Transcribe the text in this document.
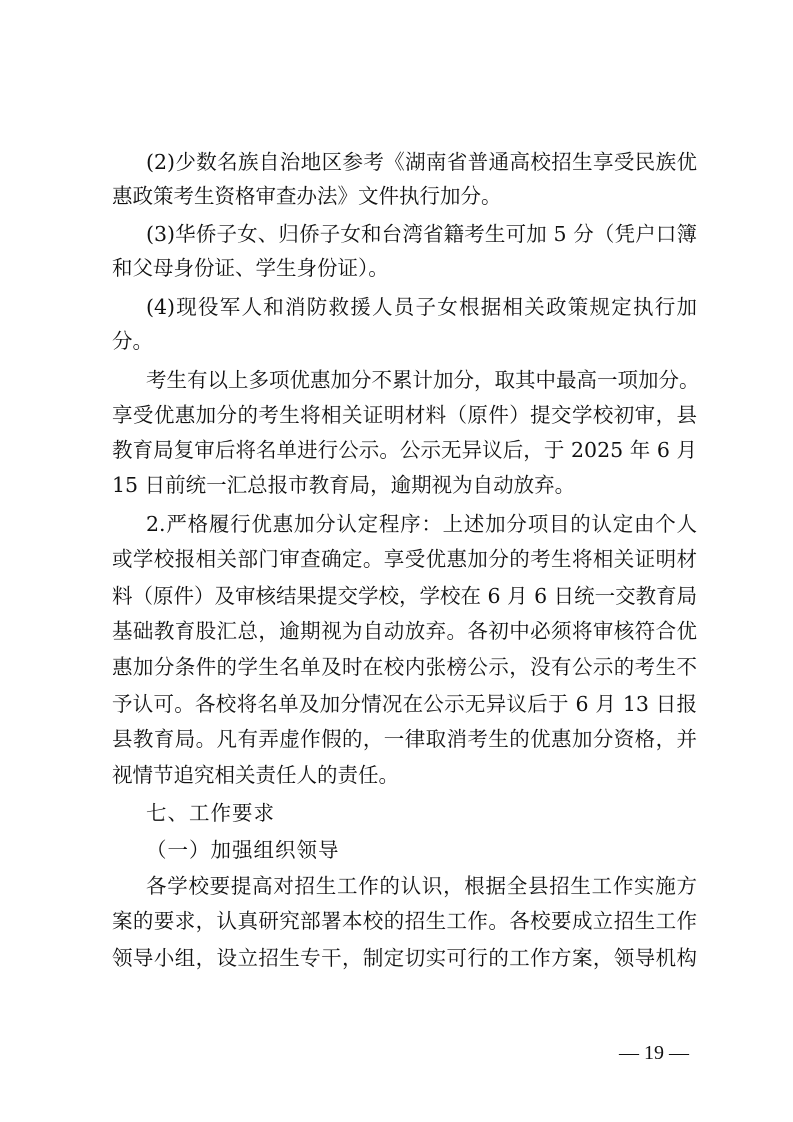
(2)少数名族自治地区参考《湖南省普通高校招生享受民族优
惠政策考生资格审查办法》文件执行加分。
(3)华侨子女、归侨子女和台湾省籍考生可加 5 分（凭户口簿
和父母身份证、学生身份证）。
(4)现役军人和消防救援人员子女根据相关政策规定执行加
分。
考生有以上多项优惠加分不累计加分，取其中最高一项加分。
享受优惠加分的考生将相关证明材料（原件）提交学校初审，县
教育局复审后将名单进行公示。公示无异议后，于 2025 年 6 月
15 日前统一汇总报市教育局，逾期视为自动放弃。
2.严格履行优惠加分认定程序：上述加分项目的认定由个人
或学校报相关部门审查确定。享受优惠加分的考生将相关证明材
料（原件）及审核结果提交学校，学校在 6 月 6 日统一交教育局
基础教育股汇总，逾期视为自动放弃。各初中必须将审核符合优
惠加分条件的学生名单及时在校内张榜公示，没有公示的考生不
予认可。各校将名单及加分情况在公示无异议后于 6 月 13 日报
县教育局。凡有弄虚作假的，一律取消考生的优惠加分资格，并
视情节追究相关责任人的责任。
七、工作要求
（一）加强组织领导
各学校要提高对招生工作的认识，根据全县招生工作实施方
案的要求，认真研究部署本校的招生工作。各校要成立招生工作
领导小组，设立招生专干，制定切实可行的工作方案，领导机构
— 19 —
